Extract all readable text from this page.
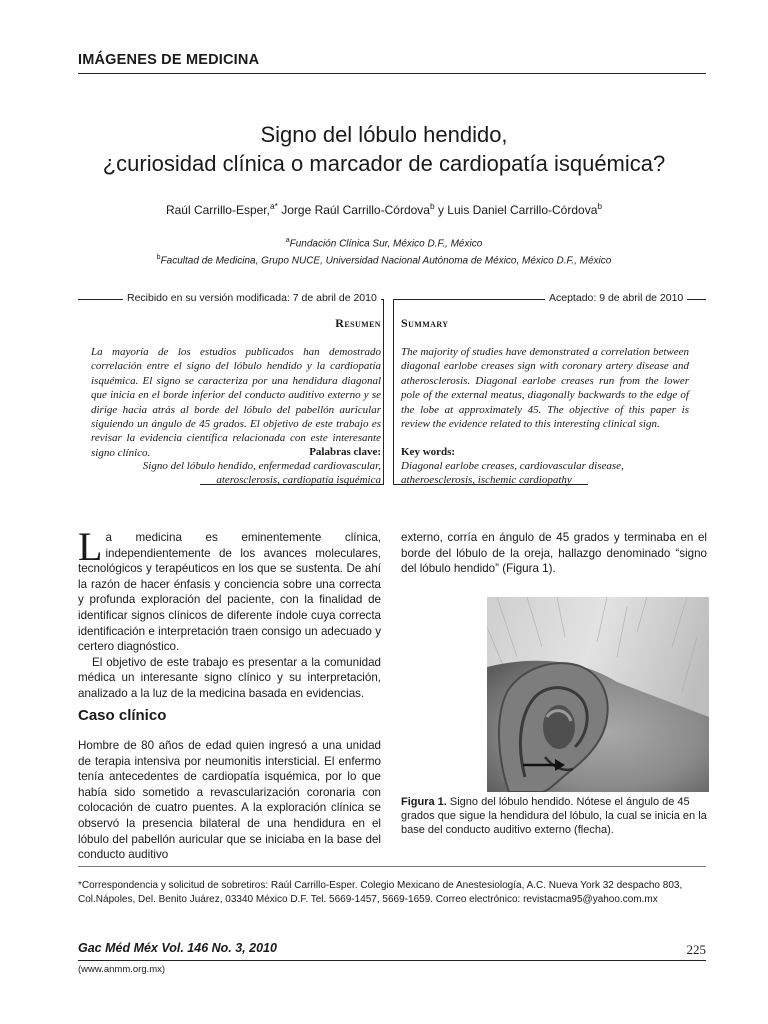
IMÁGENES DE MEDICINA
Signo del lóbulo hendido,
¿curiosidad clínica o marcador de cardiopatía isquémica?
Raúl Carrillo-Esper,$^{a*}$ Jorge Raúl Carrillo-Córdova$^b$ y Luis Daniel Carrillo-Córdova$^b$
$^a$Fundación Clínica Sur, México D.F., México
$^b$Facultad de Medicina, Grupo NUCE, Universidad Nacional Autónoma de México, México D.F., México
Recibido en su versión modificada: 7 de abril de 2010
Resumen
La mayoría de los estudios publicados han demostrado correlación entre el signo del lóbulo hendido y la cardiopatía isquémica. El signo se caracteriza por una hendidura diagonal que inicia en el borde inferior del conducto auditivo externo y se dirige hacia atrás al borde del lóbulo del pabellón auricular siguiendo un ángulo de 45 grados. El objetivo de este trabajo es revisar la evidencia científica relacionada con este interesante signo clínico.	Palabras clave:
Signo del lóbulo hendido, enfermedad cardiovascular,
aterosclerosis, cardiopatía isquémica
Aceptado: 9 de abril de 2010
Summary
The majority of studies have demonstrated a correlation between diagonal earlobe creases sign with coronary artery disease and atherosclerosis. Diagonal earlobe creases run from the lower pole of the external meatus, diagonally backwards to the edge of the lobe at approximately 45. The objective of this paper is review the evidence related to this interesting clinical sign.
Key words:
Diagonal earlobe creases, cardiovascular disease,
atheroesclerosis, ischemic cardiopathy

La medicina es eminentemente clínica, independientemente de los avances moleculares, tecnológicos y terapéuticos en los que se sustenta. De ahí la razón de hacer énfasis y conciencia sobre una correcta y profunda exploración del paciente, con la finalidad de identificar signos clínicos de diferente índole cuya correcta identificación e interpretación traen consigo un adecuado y certero diagnóstico.

El objetivo de este trabajo es presentar a la comunidad médica un interesante signo clínico y su interpretación, analizado a la luz de la medicina basada en evidencias.

Caso clínico
Hombre de 80 años de edad quien ingresó a una unidad de terapia intensiva por neumonitis intersticial. El enfermo tenía antecedentes de cardiopatía isquémica, por lo que había sido sometido a revascularización coronaria con colocación de cuatro puentes. A la exploración clínica se observó la presencia bilateral de una hendidura en el lóbulo del pabellón auricular que se iniciaba en la base del conducto auditivo
externo, corría en ángulo de 45 grados y terminaba en el borde del lóbulo de la oreja, hallazgo denominado “signo del lóbulo hendido” (Figura 1).
Figura 1. Signo del lóbulo hendido. Nótese el ángulo de 45 grados que sigue la hendidura del lóbulo, la cual se inicia en la base del conducto auditivo externo (flecha).
*Correspondencia y solicitud de sobretiros: Raúl Carrillo-Esper. Colegio Mexicano de Anestesiología, A.C. Nueva York 32 despacho 803, Col.Nápoles, Del. Benito Juárez, 03340 México D.F. Tel. 5669-1457, 5669-1659. Correo electrónico: revistacma95@yahoo.com.mx
Gac Méd Méx Vol. 146 No. 3, 2010	225
(www.anmm.org.mx)
